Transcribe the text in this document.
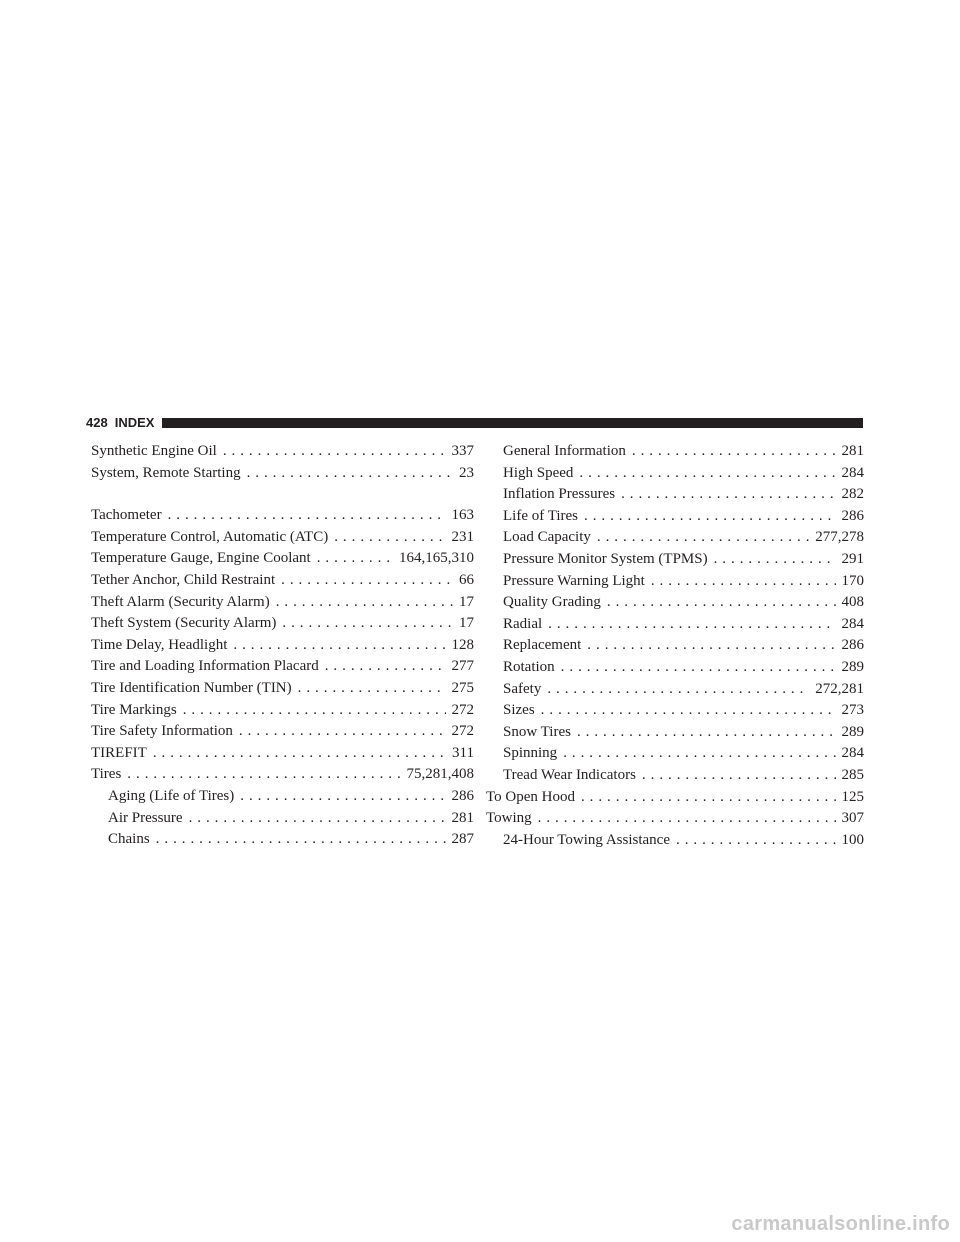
428 INDEX
Synthetic Engine Oil . . .	337
System, Remote Starting . . .	23
Tachometer . . .	163
Temperature Control, Automatic (ATC) . . .	231
Temperature Gauge, Engine Coolant . . .	164,165,310
Tether Anchor, Child Restraint . . .	66
Theft Alarm (Security Alarm) . . .	17
Theft System (Security Alarm) . . .	17
Time Delay, Headlight . . .	128
Tire and Loading Information Placard . . .	277
Tire Identification Number (TIN) . . .	275
Tire Markings . . .	272
Tire Safety Information . . .	272
TIREFIT . . .	311
Tires . . .	75,281,408
Aging (Life of Tires) . . .	286
Air Pressure . . .	281
Chains . . .	287
General Information . . .	281
High Speed . . .	284
Inflation Pressures . . .	282
Life of Tires . . .	286
Load Capacity . . .	277,278
Pressure Monitor System (TPMS) . . .	291
Pressure Warning Light . . .	170
Quality Grading . . .	408
Radial . . .	284
Replacement . . .	286
Rotation . . .	289
Safety . . .	272,281
Sizes . . .	273
Snow Tires . . .	289
Spinning . . .	284
Tread Wear Indicators . . .	285
To Open Hood . . .	125
Towing . . .	307
24-Hour Towing Assistance . . .	100
carmanualsonline.info
